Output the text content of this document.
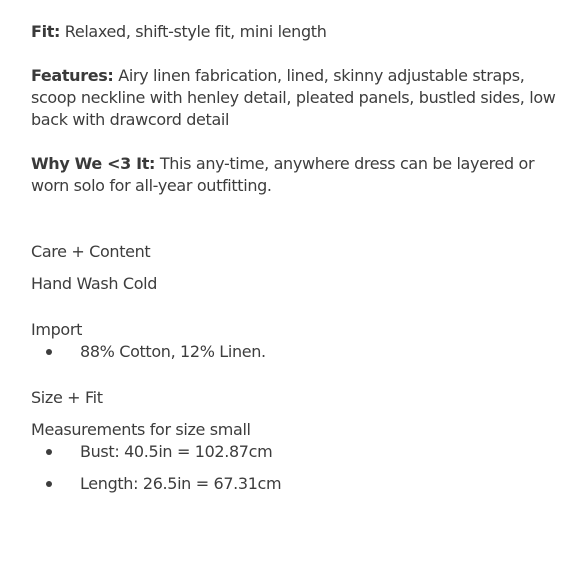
Fit: Relaxed, shift-style fit, mini length

Features: Airy linen fabrication, lined, skinny adjustable straps, scoop neckline with henley detail, pleated panels, bustled sides, low back with drawcord detail

Why We <3 It: This any-time, anywhere dress can be layered or worn solo for all-year outfitting.

Care + Content
Hand Wash Cold
Import
88% Cotton, 12% Linen.
Size + Fit
Measurements for size small
Bust: 40.5in = 102.87cm
Length: 26.5in = 67.31cm
